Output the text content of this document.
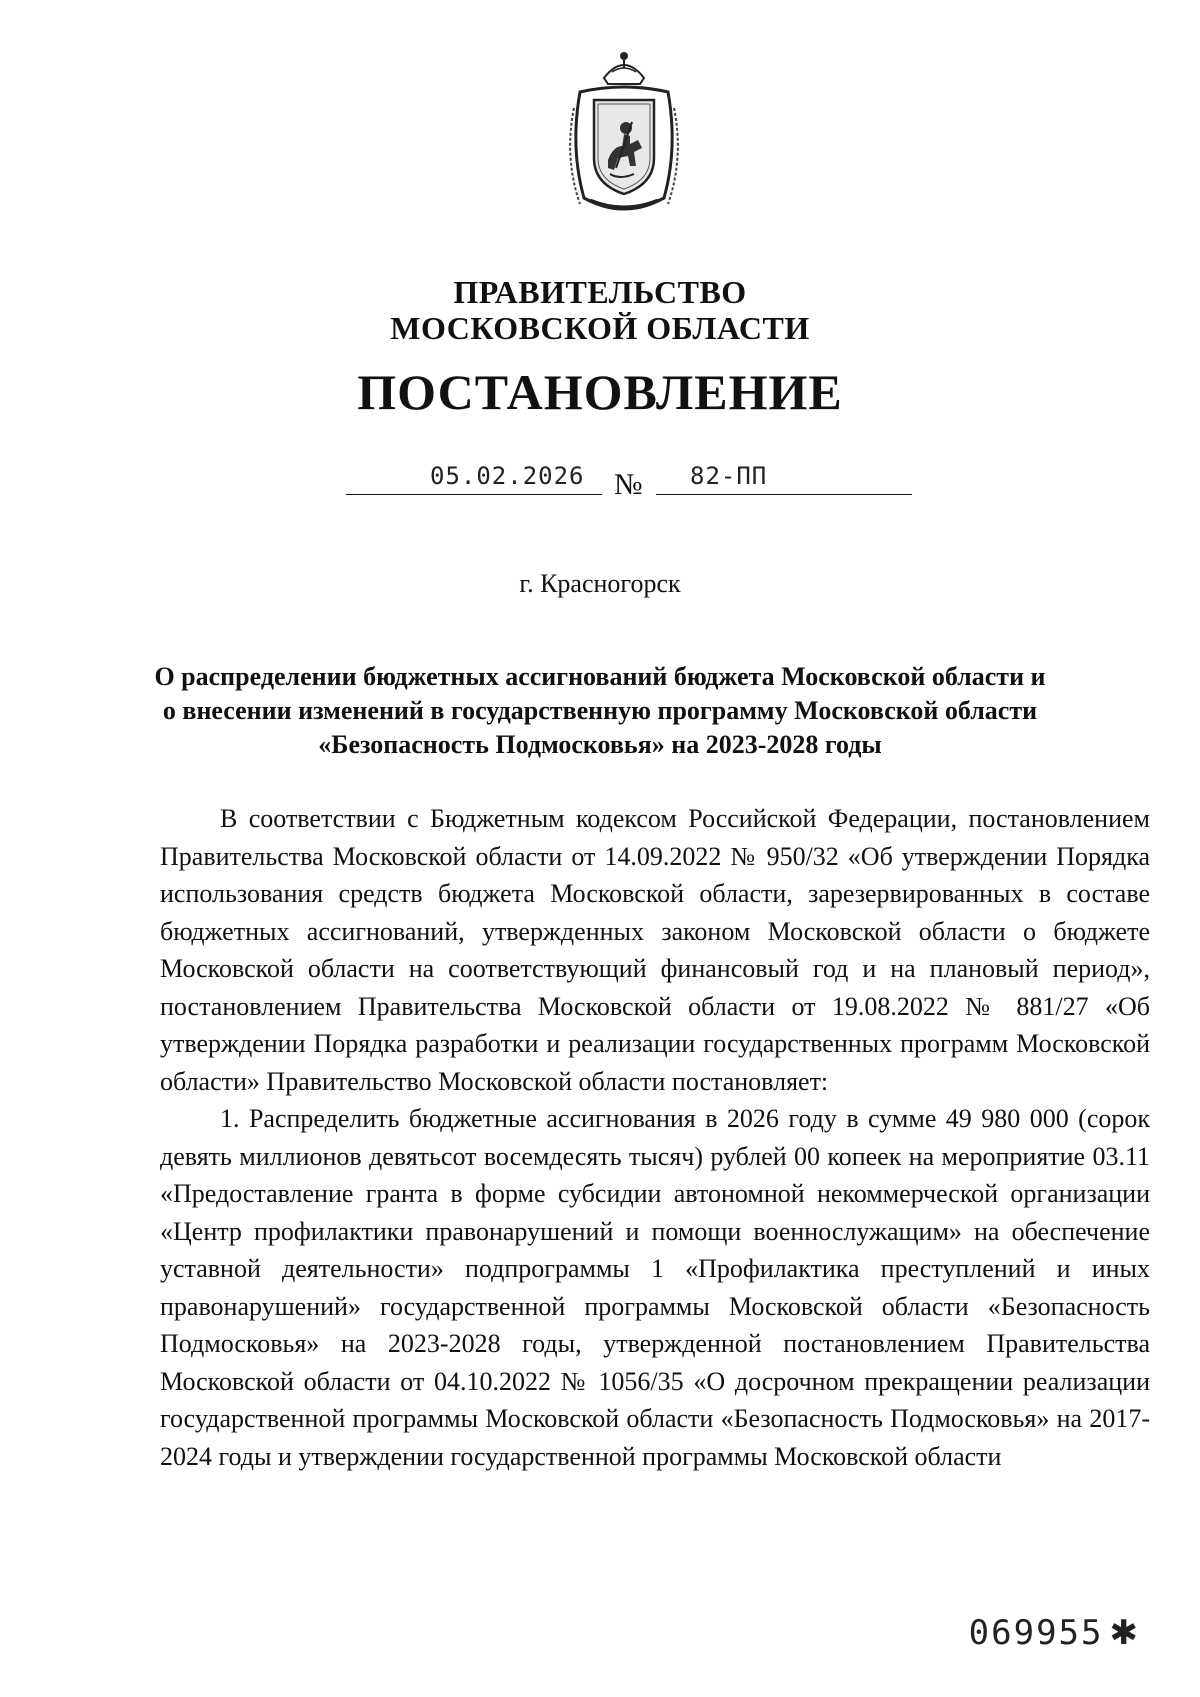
ПРАВИТЕЛЬСТВО
МОСКОВСКОЙ ОБЛАСТИ
ПОСТАНОВЛЕНИЕ
05.02.2026 № 82-ПП
г. Красногорск
О распределении бюджетных ассигнований бюджета Московской области и о внесении изменений в государственную программу Московской области «Безопасность Подмосковья» на 2023-2028 годы

В соответствии с Бюджетным кодексом Российской Федерации, постановлением Правительства Московской области от 14.09.2022 № 950/32 «Об утверждении Порядка использования средств бюджета Московской области, зарезервированных в составе бюджетных ассигнований, утвержденных законом Московской области о бюджете Московской области на соответствующий финансовый год и на плановый период», постановлением Правительства Московской области от 19.08.2022 № 881/27 «Об утверждении Порядка разработки и реализации государственных программ Московской области» Правительство Московской области постановляет:

1. Распределить бюджетные ассигнования в 2026 году в сумме 49 980 000 (сорок девять миллионов девятьсот восемдесять тысяч) рублей 00 копеек на мероприятие 03.11 «Предоставление гранта в форме субсидии автономной некоммерческой организации «Центр профилактики правонарушений и помощи военнослужащим» на обеспечение уставной деятельности» подпрограммы 1 «Профилактика преступлений и иных правонарушений» государственной программы Московской области «Безопасность Подмосковья» на 2023-2028 годы, утвержденной постановлением Правительства Московской области от 04.10.2022 № 1056/35 «О досрочном прекращении реализации государственной программы Московской области «Безопасность Подмосковья» на 2017-2024 годы и утверждении государственной программы Московской области

069955 ✱
